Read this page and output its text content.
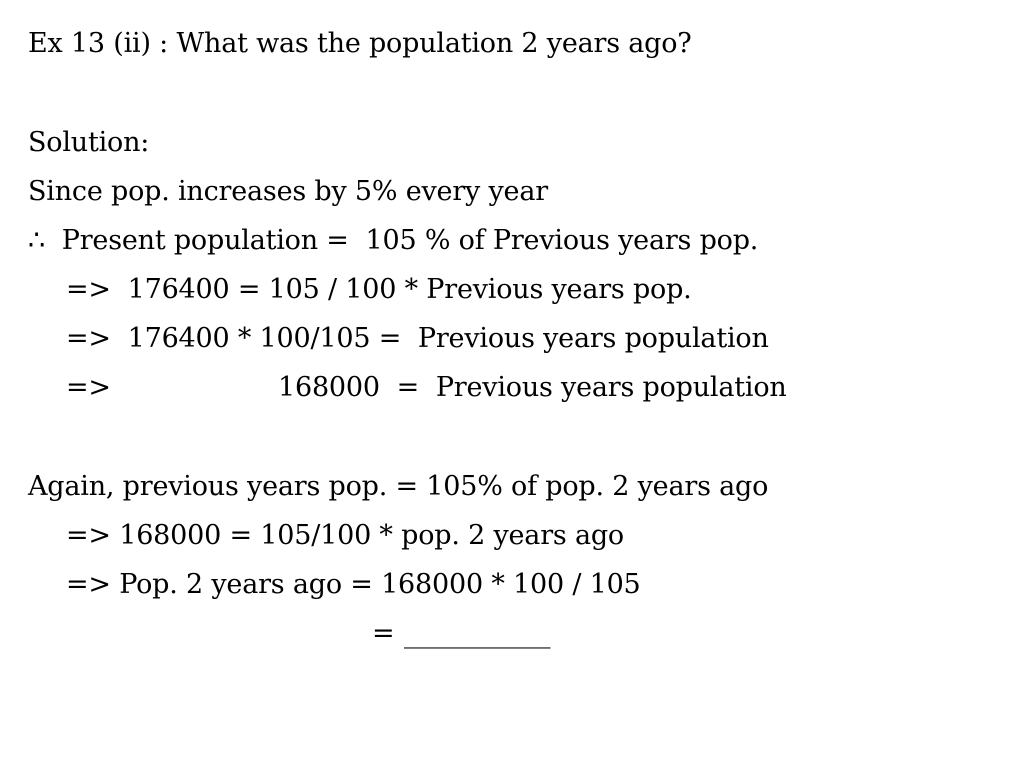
Ex 13 (ii) : What was the population 2 years ago?
Solution:
Since pop. increases by 5% every year
∴  Present population =  105 % of Previous years pop.
=>  176400 = 105 / 100 * Previous years pop.
=>  176400 * 100/105 =  Previous years population
=>	168000  =  Previous years population
Again, previous years pop. = 105% of pop. 2 years ago
=> 168000 = 105/100 * pop. 2 years ago
=> Pop. 2 years ago = 168000 * 100 / 105
= ___________
